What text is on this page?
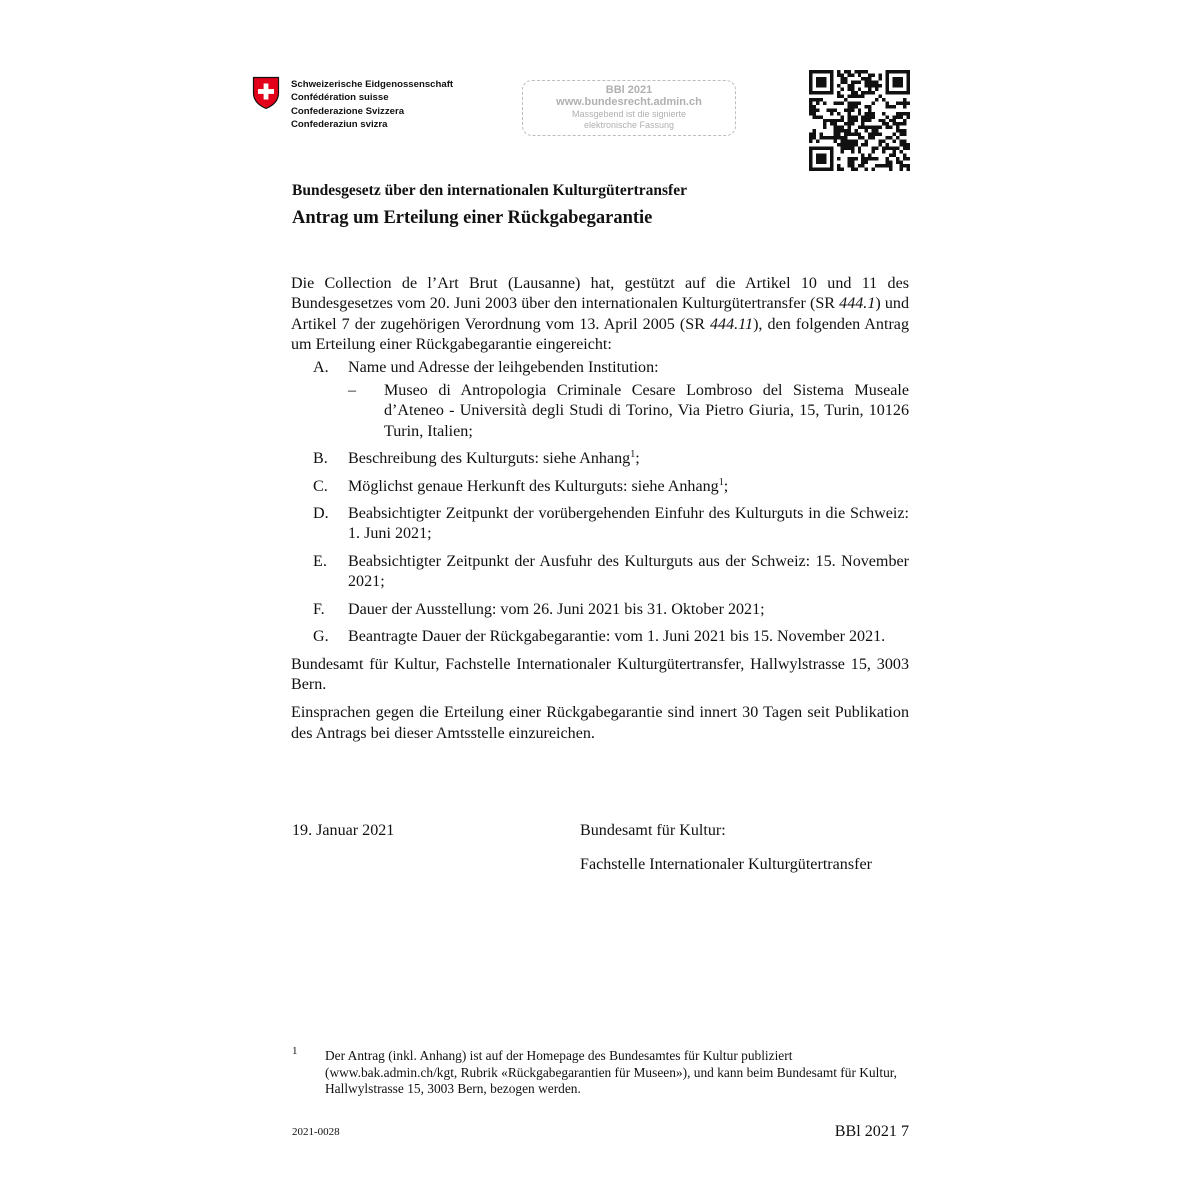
Schweizerische Eidgenossenschaft
Confédération suisse
Confederazione Svizzera
Confederaziun svizra
BBl 2021
www.bundesrecht.admin.ch
Massgebend ist die signierte
elektronische Fassung
Bundesgesetz über den internationalen Kulturgütertransfer
Antrag um Erteilung einer Rückgabegarantie

Die Collection de l’Art Brut (Lausanne) hat, gestützt auf die Artikel 10 und 11 des Bundesgesetzes vom 20. Juni 2003 über den internationalen Kulturgütertransfer (SR 444.1) und Artikel 7 der zugehörigen Verordnung vom 13. April 2005 (SR 444.11), den folgenden Antrag um Erteilung einer Rückgabegarantie eingereicht:

A. Name und Adresse der leihgebenden Institution:
– Museo di Antropologia Criminale Cesare Lombroso del Sistema Museale d’Ateneo - Università degli Studi di Torino, Via Pietro Giuria, 15, Turin, 10126 Turin, Italien;
B. Beschreibung des Kulturguts: siehe Anhang$^1$;
C. Möglichst genaue Herkunft des Kulturguts: siehe Anhang$^1$;
D. Beabsichtigter Zeitpunkt der vorübergehenden Einfuhr des Kulturguts in die Schweiz: 1. Juni 2021;
E. Beabsichtigter Zeitpunkt der Ausfuhr des Kulturguts aus der Schweiz: 15. November 2021;
F. Dauer der Ausstellung: vom 26. Juni 2021 bis 31. Oktober 2021;
G. Beantragte Dauer der Rückgabegarantie: vom 1. Juni 2021 bis 15. November 2021.

Bundesamt für Kultur, Fachstelle Internationaler Kulturgütertransfer, Hallwylstrasse 15, 3003 Bern.

Einsprachen gegen die Erteilung einer Rückgabegarantie sind innert 30 Tagen seit Publikation des Antrags bei dieser Amtsstelle einzureichen.

19. Januar 2021	Bundesamt für Kultur:
Fachstelle Internationaler Kulturgütertransfer
1 Der Antrag (inkl. Anhang) ist auf der Homepage des Bundesamtes für Kultur publiziert (www.bak.admin.ch/kgt, Rubrik «Rückgabegarantien für Museen»), und kann beim Bundesamt für Kultur, Hallwylstrasse 15, 3003 Bern, bezogen werden.
2021-0028	BBl 2021 7
